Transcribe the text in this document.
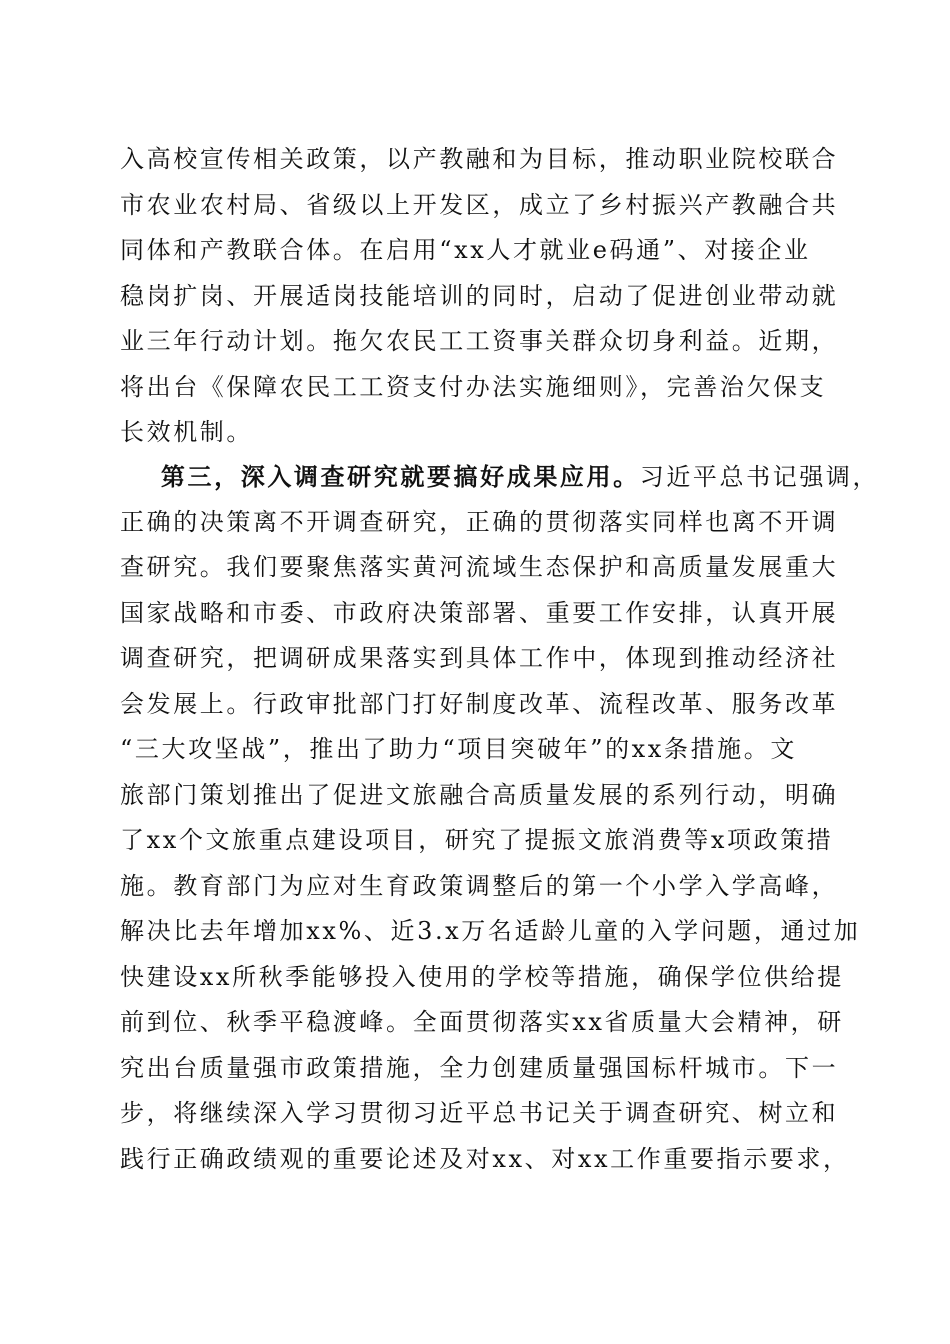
入高校宣传相关政策，以产教融和为目标，推动职业院校联合
市农业农村局、省级以上开发区，成立了乡村振兴产教融合共
同体和产教联合体。在启用“xx人才就业e码通”、对接企业
稳岗扩岗、开展适岗技能培训的同时，启动了促进创业带动就
业三年行动计划。拖欠农民工工资事关群众切身利益。近期，
将出台《保障农民工工资支付办法实施细则》，完善治欠保支
长效机制。
第三，深入调查研究就要搞好成果应用。习近平总书记强调，
正确的决策离不开调查研究，正确的贯彻落实同样也离不开调
查研究。我们要聚焦落实黄河流域生态保护和高质量发展重大
国家战略和市委、市政府决策部署、重要工作安排，认真开展
调查研究，把调研成果落实到具体工作中，体现到推动经济社
会发展上。行政审批部门打好制度改革、流程改革、服务改革
“三大攻坚战”，推出了助力“项目突破年”的xx条措施。文
旅部门策划推出了促进文旅融合高质量发展的系列行动，明确
了xx个文旅重点建设项目，研究了提振文旅消费等x项政策措
施。教育部门为应对生育政策调整后的第一个小学入学高峰，
解决比去年增加xx%、近3.x万名适龄儿童的入学问题，通过加
快建设xx所秋季能够投入使用的学校等措施，确保学位供给提
前到位、秋季平稳渡峰。全面贯彻落实xx省质量大会精神，研
究出台质量强市政策措施，全力创建质量强国标杆城市。下一
步，将继续深入学习贯彻习近平总书记关于调查研究、树立和
践行正确政绩观的重要论述及对xx、对xx工作重要指示要求，
